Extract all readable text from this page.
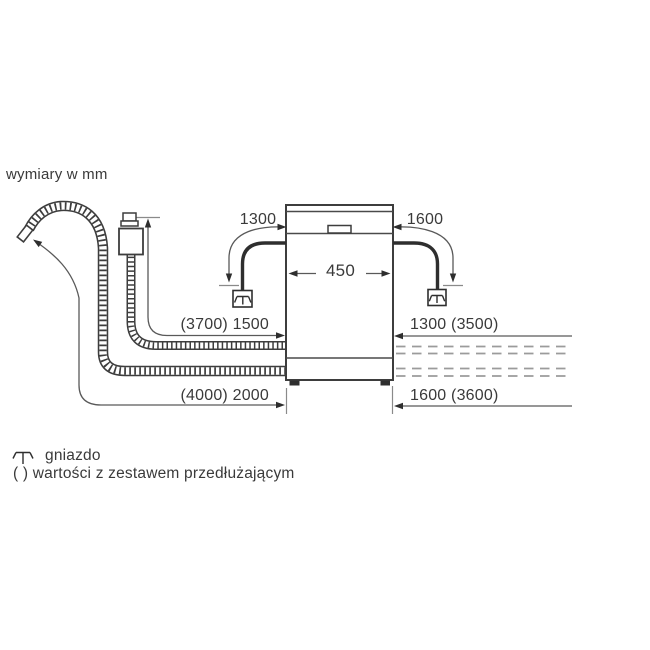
wymiary w mm
1300	1600
450
(3700) 1500	1300 (3500)
(4000) 2000	1600 (3600)
gniazdo
( ) wartości z zestawem przedłużającym
